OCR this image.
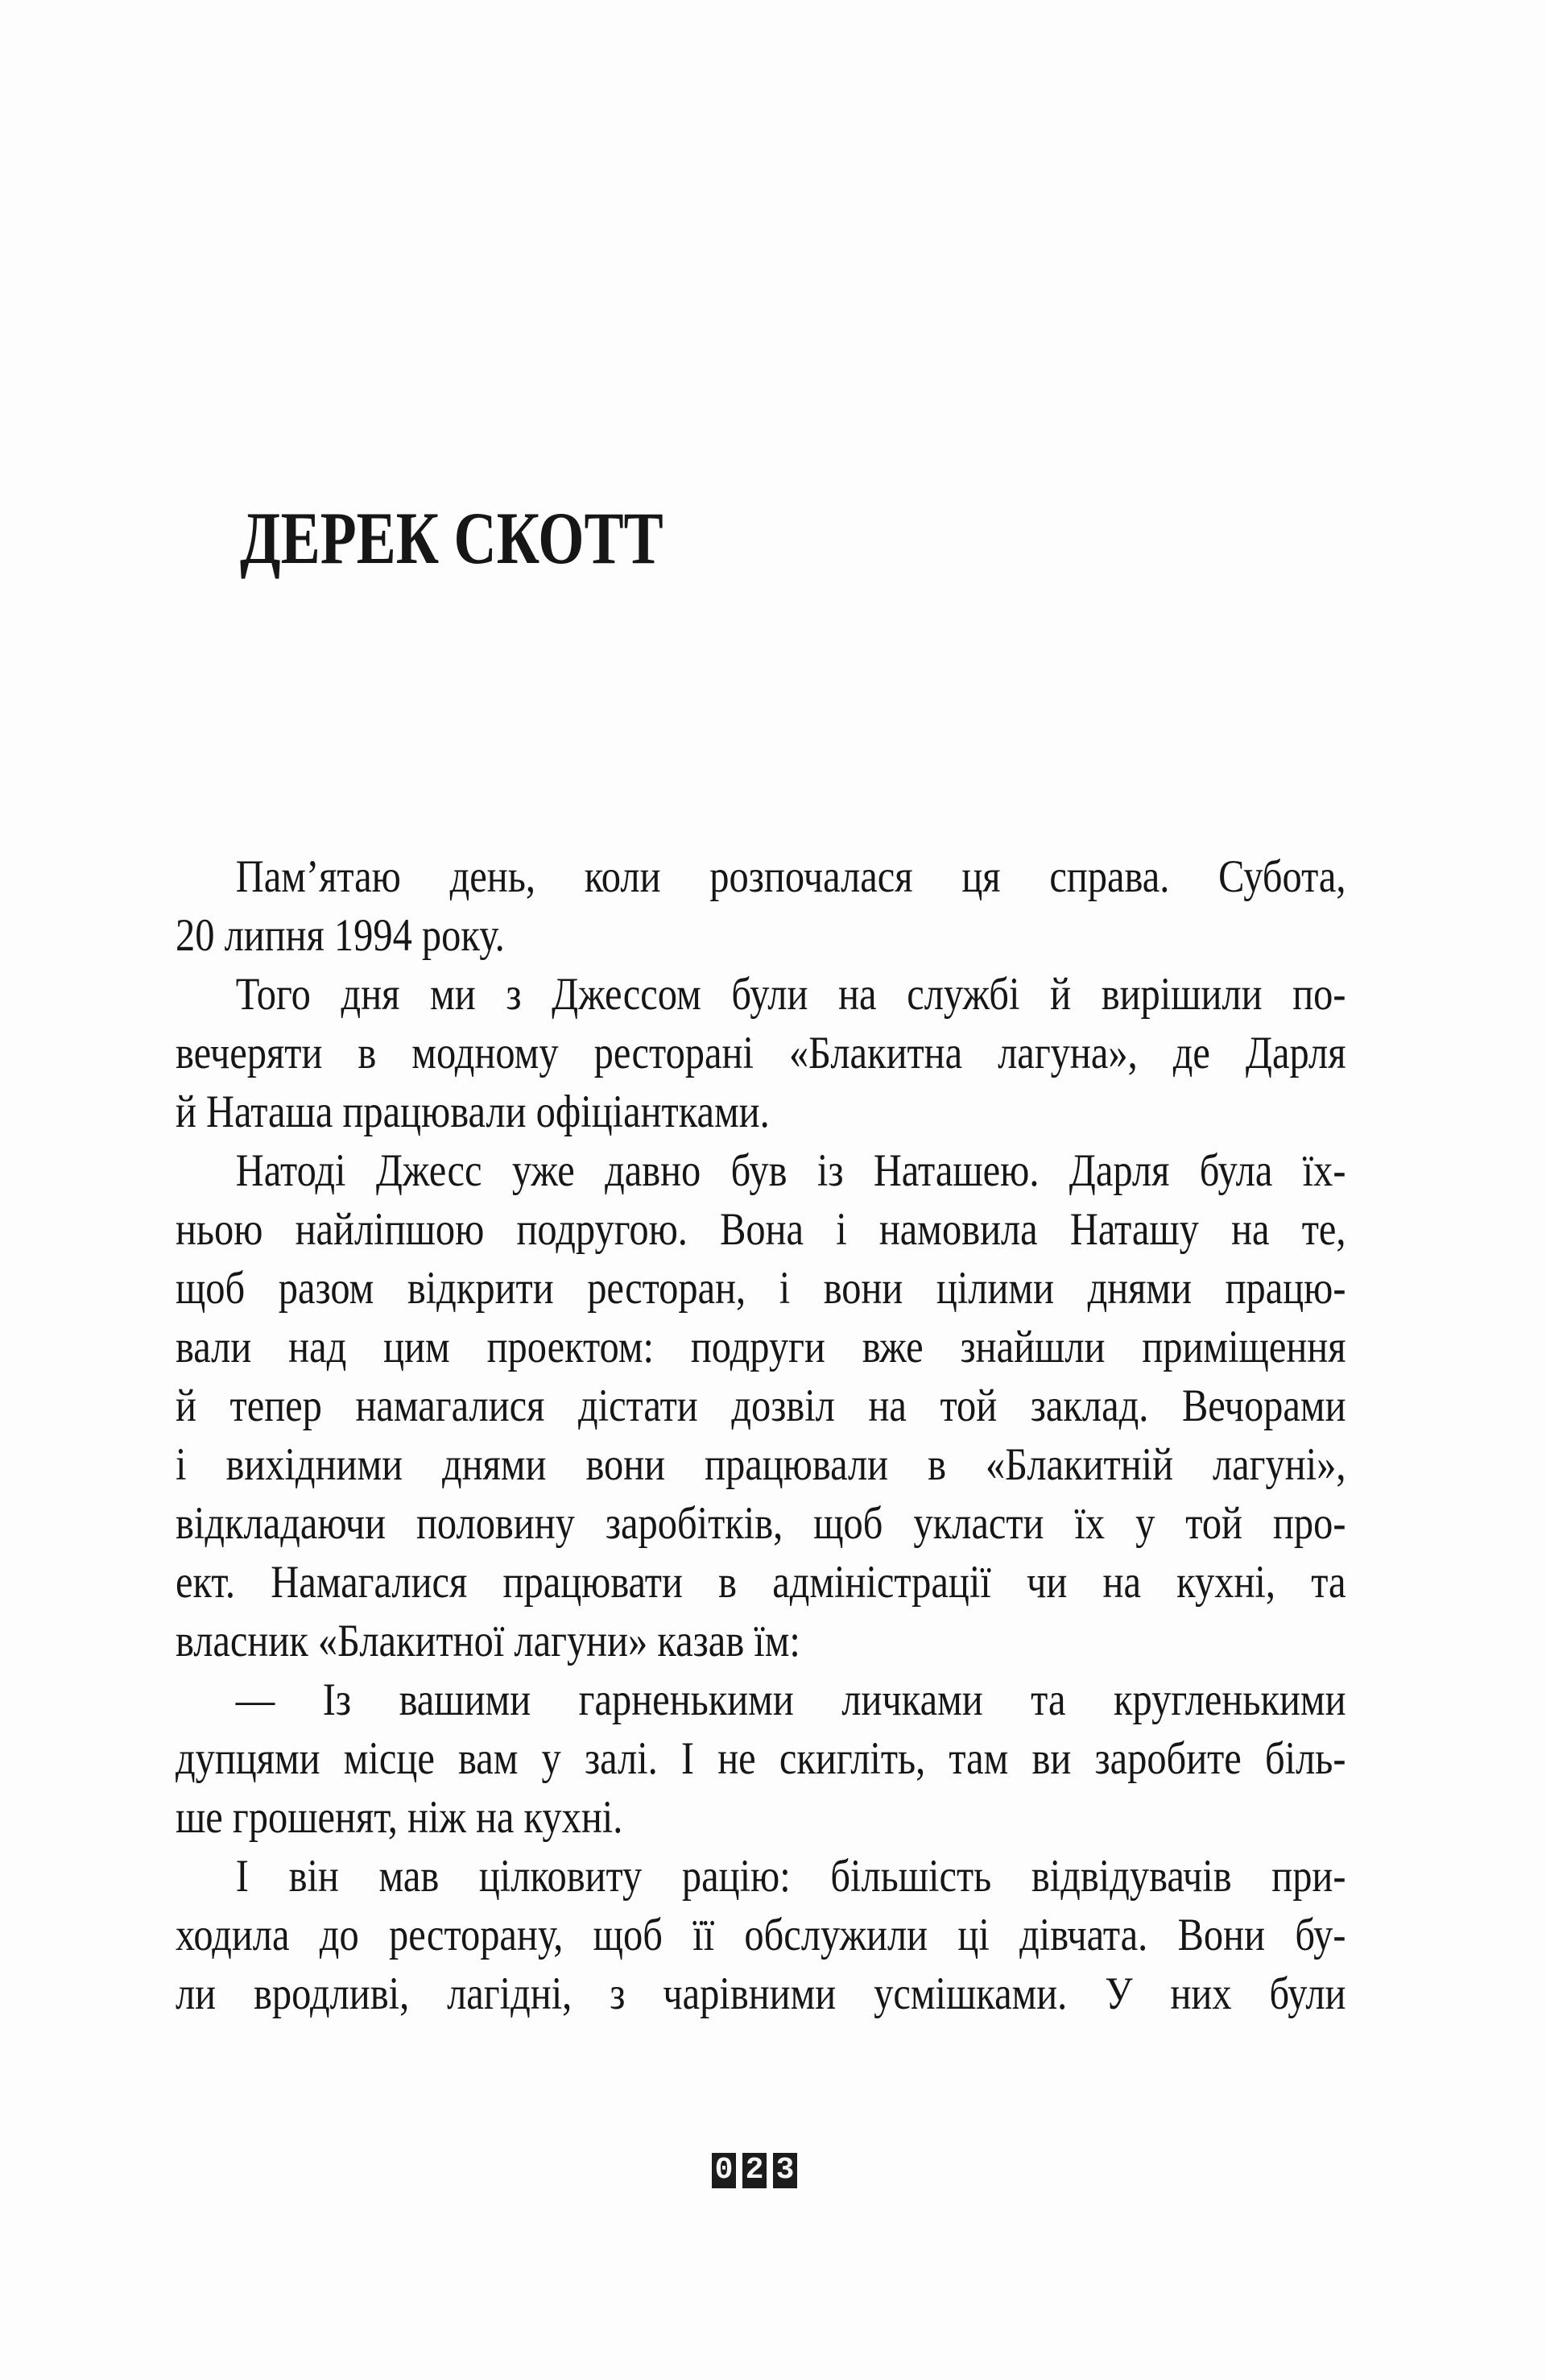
ДЕРЕК СКОТТ
Пам’ятаю день, коли розпочалася ця справа. Субота,
20 липня 1994 року.
Того дня ми з Джессом були на службі й вирішили по-
вечеряти в модному ресторані «Блакитна лагуна», де Дарля
й Наташа працювали офіціантками.
Натоді Джесс уже давно був із Наташею. Дарля була їх-
ньою найліпшою подругою. Вона і намовила Наташу на те,
щоб разом відкрити ресторан, і вони цілими днями працю-
вали над цим проектом: подруги вже знайшли приміщення
й тепер намагалися дістати дозвіл на той заклад. Вечорами
і вихідними днями вони працювали в «Блакитній лагуні»,
відкладаючи половину заробітків, щоб укласти їх у той про-
ект. Намагалися працювати в адміністрації чи на кухні, та
власник «Блакитної лагуни» казав їм:
— Із вашими гарненькими личками та кругленькими
дупцями місце вам у залі. І не скигліть, там ви заробите біль-
ше грошенят, ніж на кухні.
І він мав цілковиту рацію: більшість відвідувачів при-
ходила до ресторану, щоб її обслужили ці дівчата. Вони бу-
ли вродливі, лагідні, з чарівними усмішками. У них були
0 2 3
